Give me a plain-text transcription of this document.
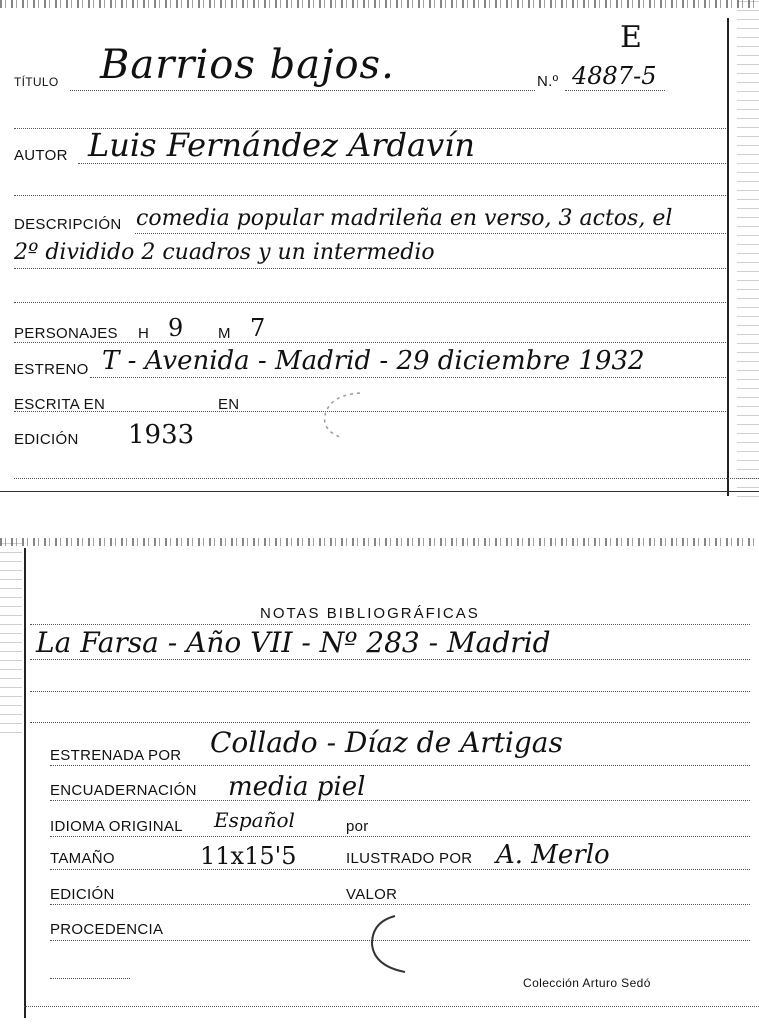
E
TÍTULO Barrios bajos.	N.º 4887-5
AUTOR Luis Fernández Ardavín
DESCRIPCIÓN comedia popular madrileña en verso, 3 actos, el
2º dividido 2 cuadros y un intermedio
PERSONAJES H 9 M 7
ESTRENO T - Avenida - Madrid - 29 diciembre 1932
ESCRITA EN	EN
EDICIÓN 1933
NOTAS BIBLIOGRÁFICAS
La Farsa - Año VII - Nº 283 - Madrid
ESTRENADA POR Collado - Díaz de Artigas
ENCUADERNACIÓN media piel
IDIOMA ORIGINAL Español	por
TAMAÑO	11x15'5	ILUSTRADO POR A. Merlo
EDICIÓN	VALOR
PROCEDENCIA
Colección Arturo Sedó
